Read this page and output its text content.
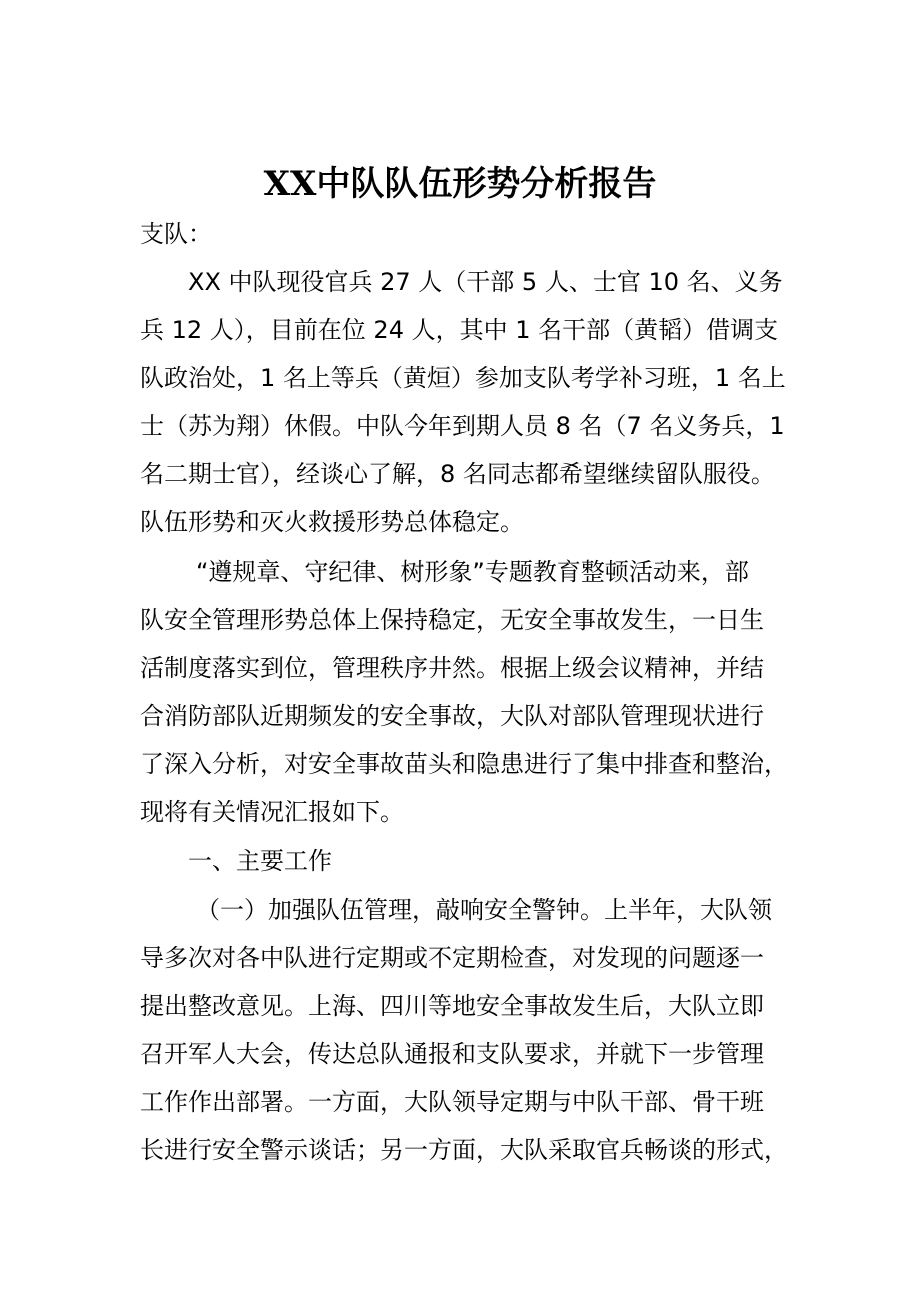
XX中队队伍形势分析报告

支队：

XX 中队现役官兵 27 人（干部 5 人、士官 10 名、义务
兵 12 人），目前在位 24 人，其中 1 名干部（黄韬）借调支
队政治处，1 名上等兵（黄烜）参加支队考学补习班，1 名上
士（苏为翔）休假。中队今年到期人员 8 名（7 名义务兵，1
名二期士官），经谈心了解，8 名同志都希望继续留队服役。
队伍形势和灭火救援形势总体稳定。

“遵规章、守纪律、树形象”专题教育整顿活动来，部
队安全管理形势总体上保持稳定，无安全事故发生，一日生
活制度落实到位，管理秩序井然。根据上级会议精神，并结
合消防部队近期频发的安全事故，大队对部队管理现状进行
了深入分析，对安全事故苗头和隐患进行了集中排查和整治，
现将有关情况汇报如下。

一、主要工作

（一）加强队伍管理，敲响安全警钟。上半年，大队领
导多次对各中队进行定期或不定期检查，对发现的问题逐一
提出整改意见。上海、四川等地安全事故发生后，大队立即
召开军人大会，传达总队通报和支队要求，并就下一步管理
工作作出部署。一方面，大队领导定期与中队干部、骨干班
长进行安全警示谈话；另一方面，大队采取官兵畅谈的形式，
